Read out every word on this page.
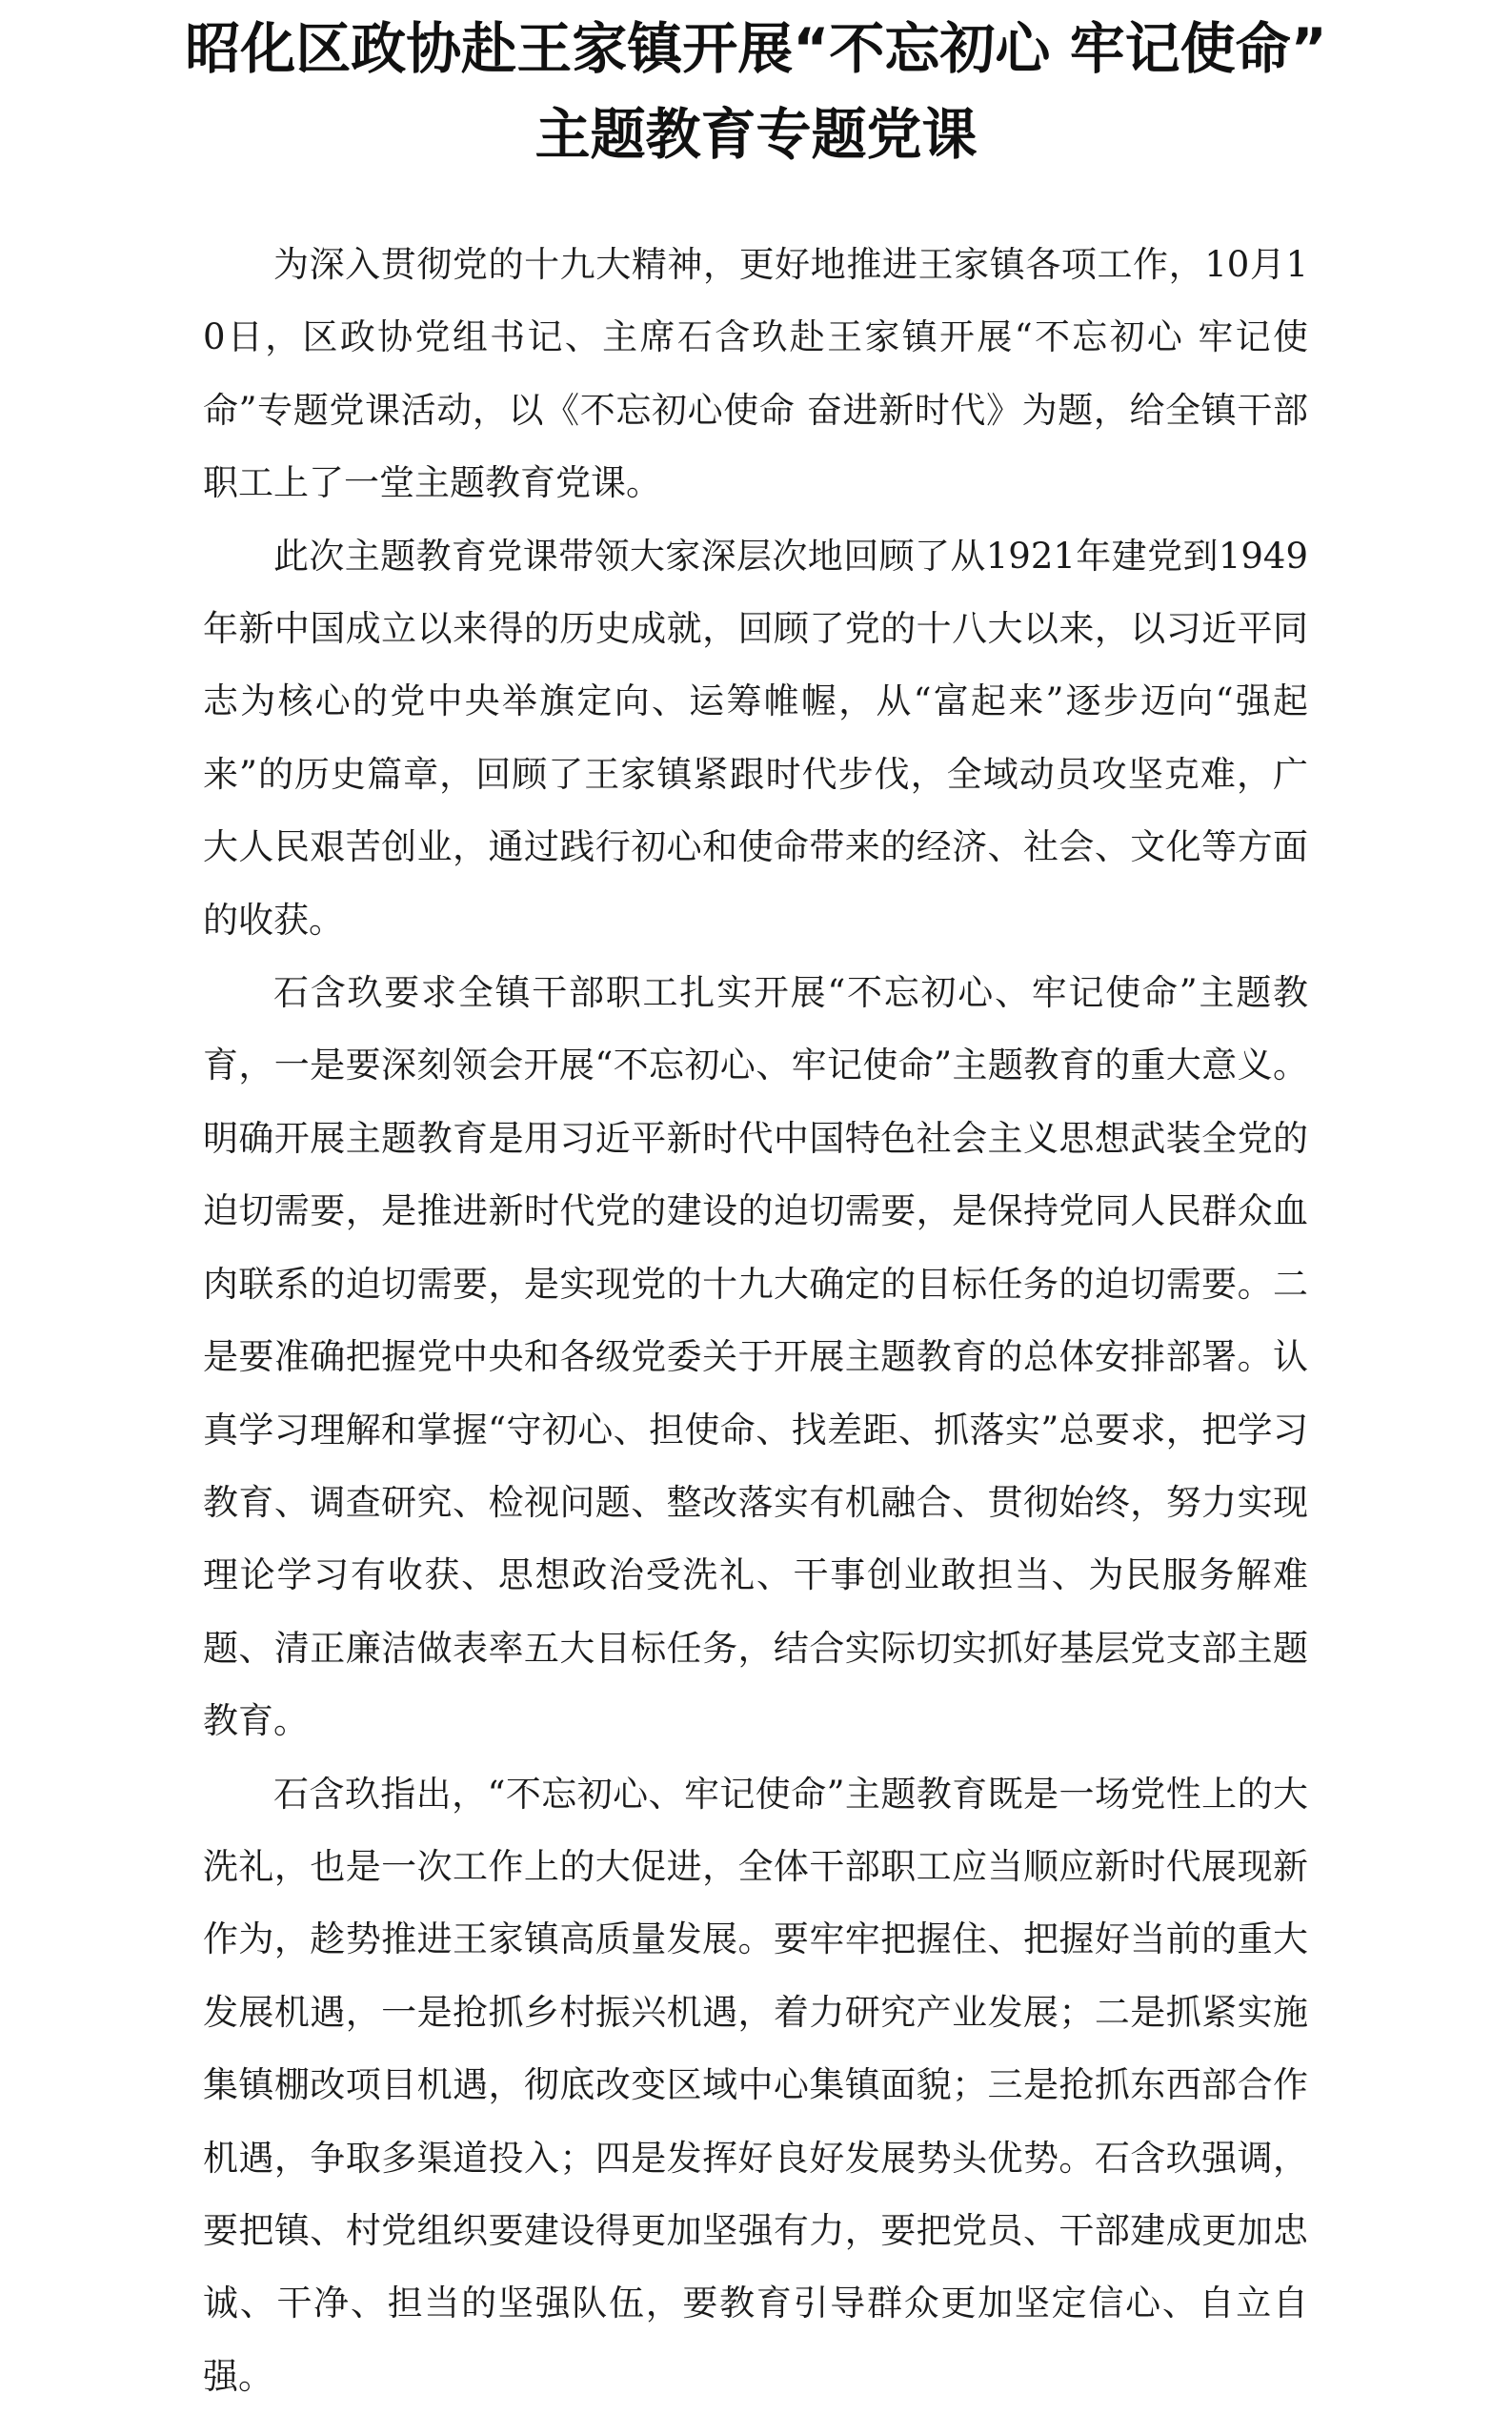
昭化区政协赴王家镇开展“不忘初心 牢记使命”
主题教育专题党课

为深入贯彻党的十九大精神，更好地推进王家镇各项工作，10月10日，区政协党组书记、主席石含玖赴王家镇开展“不忘初心 牢记使命”专题党课活动，以《不忘初心使命 奋进新时代》为题，给全镇干部职工上了一堂主题教育党课。

此次主题教育党课带领大家深层次地回顾了从1921年建党到1949年新中国成立以来得的历史成就，回顾了党的十八大以来，以习近平同志为核心的党中央举旗定向、运筹帷幄，从“富起来”逐步迈向“强起来”的历史篇章，回顾了王家镇紧跟时代步伐，全域动员攻坚克难，广大人民艰苦创业，通过践行初心和使命带来的经济、社会、文化等方面的收获。

石含玖要求全镇干部职工扎实开展“不忘初心、牢记使命”主题教育，一是要深刻领会开展“不忘初心、牢记使命”主题教育的重大意义。明确开展主题教育是用习近平新时代中国特色社会主义思想武装全党的迫切需要，是推进新时代党的建设的迫切需要，是保持党同人民群众血肉联系的迫切需要，是实现党的十九大确定的目标任务的迫切需要。二是要准确把握党中央和各级党委关于开展主题教育的总体安排部署。认真学习理解和掌握“守初心、担使命、找差距、抓落实”总要求，把学习教育、调查研究、检视问题、整改落实有机融合、贯彻始终，努力实现理论学习有收获、思想政治受洗礼、干事创业敢担当、为民服务解难题、清正廉洁做表率五大目标任务，结合实际切实抓好基层党支部主题教育。

石含玖指出，“不忘初心、牢记使命”主题教育既是一场党性上的大洗礼，也是一次工作上的大促进，全体干部职工应当顺应新时代展现新作为，趁势推进王家镇高质量发展。要牢牢把握住、把握好当前的重大发展机遇，一是抢抓乡村振兴机遇，着力研究产业发展；二是抓紧实施集镇棚改项目机遇，彻底改变区域中心集镇面貌；三是抢抓东西部合作机遇，争取多渠道投入；四是发挥好良好发展势头优势。石含玖强调，要把镇、村党组织要建设得更加坚强有力，要把党员、干部建成更加忠诚、干净、担当的坚强队伍，要教育引导群众更加坚定信心、自立自强。
